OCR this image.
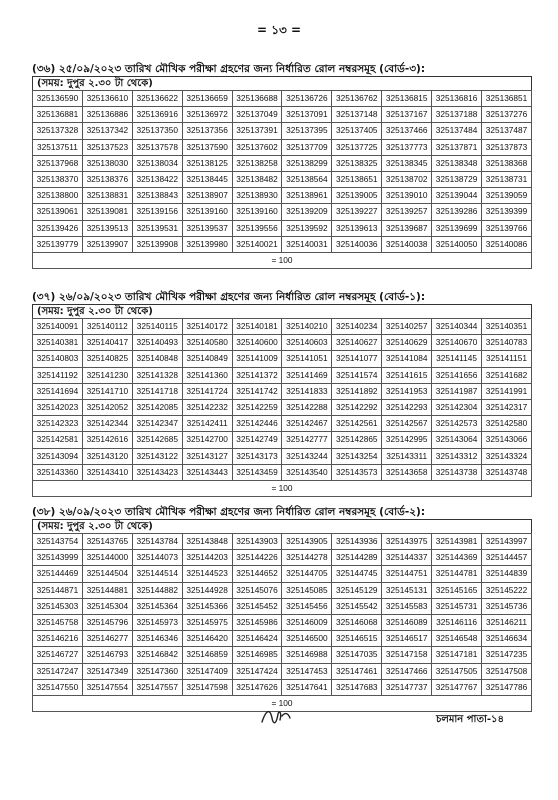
= ১৩ =
(৩৬) ২৫/০৯/২০২৩ তারিখ মৌখিক পরীক্ষা গ্রহণের জন্য নির্ধারিত রোল নম্বরসমূহ (বোর্ড-৩):
(সময়: দুপুর ২.৩০ টা থেকে)
325136590	325136610	325136622	325136659	325136688	325136726	325136762	325136815	325136816	325136851
325136881	325136886	325136916	325136972	325137049	325137091	325137148	325137167	325137188	325137276
325137328	325137342	325137350	325137356	325137391	325137395	325137405	325137466	325137484	325137487
325137511	325137523	325137578	325137590	325137602	325137709	325137725	325137773	325137871	325137873
325137968	325138030	325138034	325138125	325138258	325138299	325138325	325138345	325138348	325138368
325138370	325138376	325138422	325138445	325138482	325138564	325138651	325138702	325138729	325138731
325138800	325138831	325138843	325138907	325138930	325138961	325139005	325139010	325139044	325139059
325139061	325139081	325139156	325139160	325139160	325139209	325139227	325139257	325139286	325139399
325139426	325139513	325139531	325139537	325139556	325139592	325139613	325139687	325139699	325139766
325139779	325139907	325139908	325139980	325140021	325140031	325140036	325140038	325140050	325140086
= 100									
(৩৭) ২৬/০৯/২০২৩ তারিখ মৌখিক পরীক্ষা গ্রহণের জন্য নির্ধারিত রোল নম্বরসমূহ (বোর্ড-১):
(সময়: দুপুর ২.৩০ টা থেকে)
325140091	325140112	325140115	325140172	325140181	325140210	325140234	325140257	325140344	325140351
325140381	325140417	325140493	325140580	325140600	325140603	325140627	325140629	325140670	325140783
325140803	325140825	325140848	325140849	325141009	325141051	325141077	325141084	325141145	325141151
325141192	325141230	325141328	325141360	325141372	325141469	325141574	325141615	325141656	325141682
325141694	325141710	325141718	325141724	325141742	325141833	325141892	325141953	325141987	325141991
325142023	325142052	325142085	325142232	325142259	325142288	325142292	325142293	325142304	325142317
325142323	325142344	325142347	325142411	325142446	325142467	325142561	325142567	325142573	325142580
325142581	325142616	325142685	325142700	325142749	325142777	325142865	325142995	325143064	325143066
325143094	325143120	325143122	325143127	325143173	325143244	325143254	325143311	325143312	325143324
325143360	325143410	325143423	325143443	325143459	325143540	325143573	325143658	325143738	325143748
= 100									
(৩৮) ২৬/০৯/২০২৩ তারিখ মৌখিক পরীক্ষা গ্রহণের জন্য নির্ধারিত রোল নম্বরসমূহ (বোর্ড-২):
(সময়: দুপুর ২.৩০ টা থেকে)
325143754	325143765	325143784	325143848	325143903	325143905	325143936	325143975	325143981	325143997
325143999	325144000	325144073	325144203	325144226	325144278	325144289	325144337	325144369	325144457
325144469	325144504	325144514	325144523	325144652	325144705	325144745	325144751	325144781	325144839
325144871	325144881	325144882	325144928	325145076	325145085	325145129	325145131	325145165	325145222
325145303	325145304	325145364	325145366	325145452	325145456	325145542	325145583	325145731	325145736
325145758	325145796	325145973	325145975	325145986	325146009	325146068	325146089	325146116	325146211
325146216	325146277	325146346	325146420	325146424	325146500	325146515	325146517	325146548	325146634
325146727	325146793	325146842	325146859	325146985	325146988	325147035	325147158	325147181	325147235
325147247	325147349	325147360	325147409	325147424	325147453	325147461	325147466	325147505	325147508
325147550	325147554	325147557	325147598	325147626	325147641	325147683	325147737	325147767	325147786
= 100									
চলমান পাতা-১৪
